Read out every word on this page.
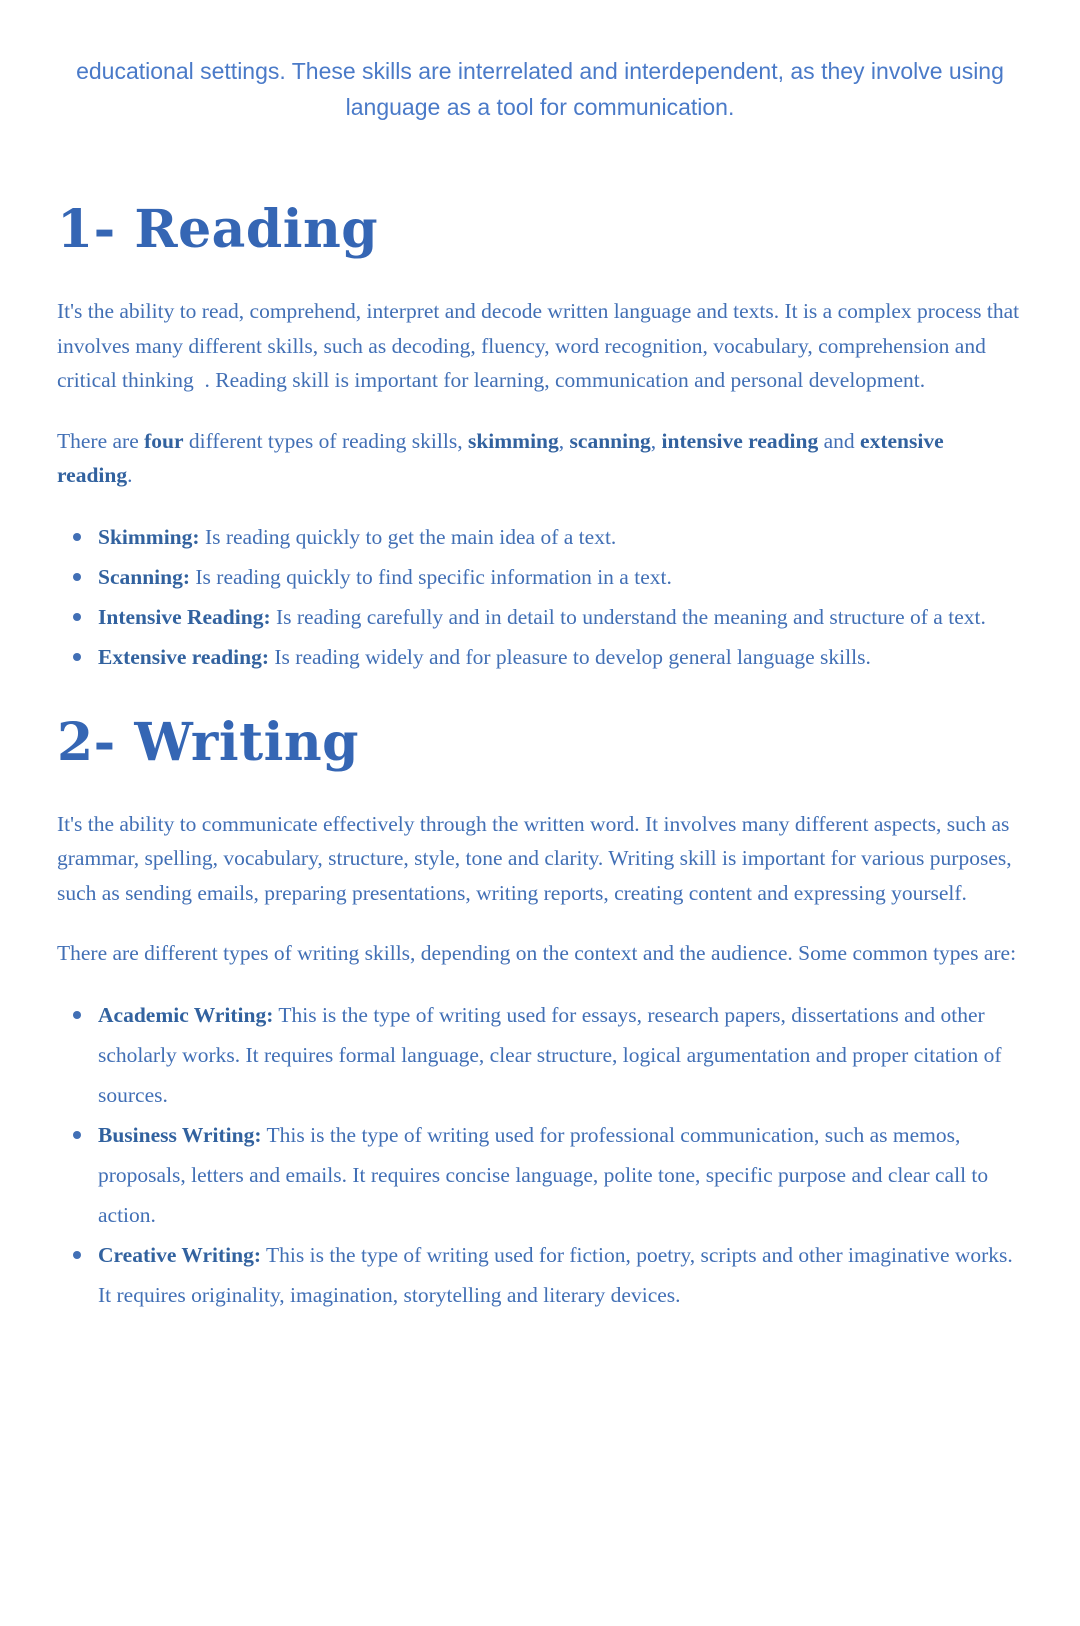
educational settings. These skills are interrelated and interdependent, as they involve using language as a tool for communication.

1- Reading

It's the ability to read, comprehend, interpret and decode written language and texts. It is a complex process that involves many different skills, such as decoding, fluency, word recognition, vocabulary, comprehension and critical thinking  . Reading skill is important for learning, communication and personal development.

There are four different types of reading skills, skimming, scanning, intensive reading and extensive reading.

Skimming: Is reading quickly to get the main idea of a text.
Scanning: Is reading quickly to find specific information in a text.
Intensive Reading: Is reading carefully and in detail to understand the meaning and structure of a text.
Extensive reading: Is reading widely and for pleasure to develop general language skills.
2- Writing

It's the ability to communicate effectively through the written word. It involves many different aspects, such as grammar, spelling, vocabulary, structure, style, tone and clarity. Writing skill is important for various purposes, such as sending emails, preparing presentations, writing reports, creating content and expressing yourself.

There are different types of writing skills, depending on the context and the audience. Some common types are:

Academic Writing: This is the type of writing used for essays, research papers, dissertations and other scholarly works. It requires formal language, clear structure, logical argumentation and proper citation of sources.
Business Writing: This is the type of writing used for professional communication, such as memos, proposals, letters and emails. It requires concise language, polite tone, specific purpose and clear call to action.
Creative Writing: This is the type of writing used for fiction, poetry, scripts and other imaginative works. It requires originality, imagination, storytelling and literary devices.
